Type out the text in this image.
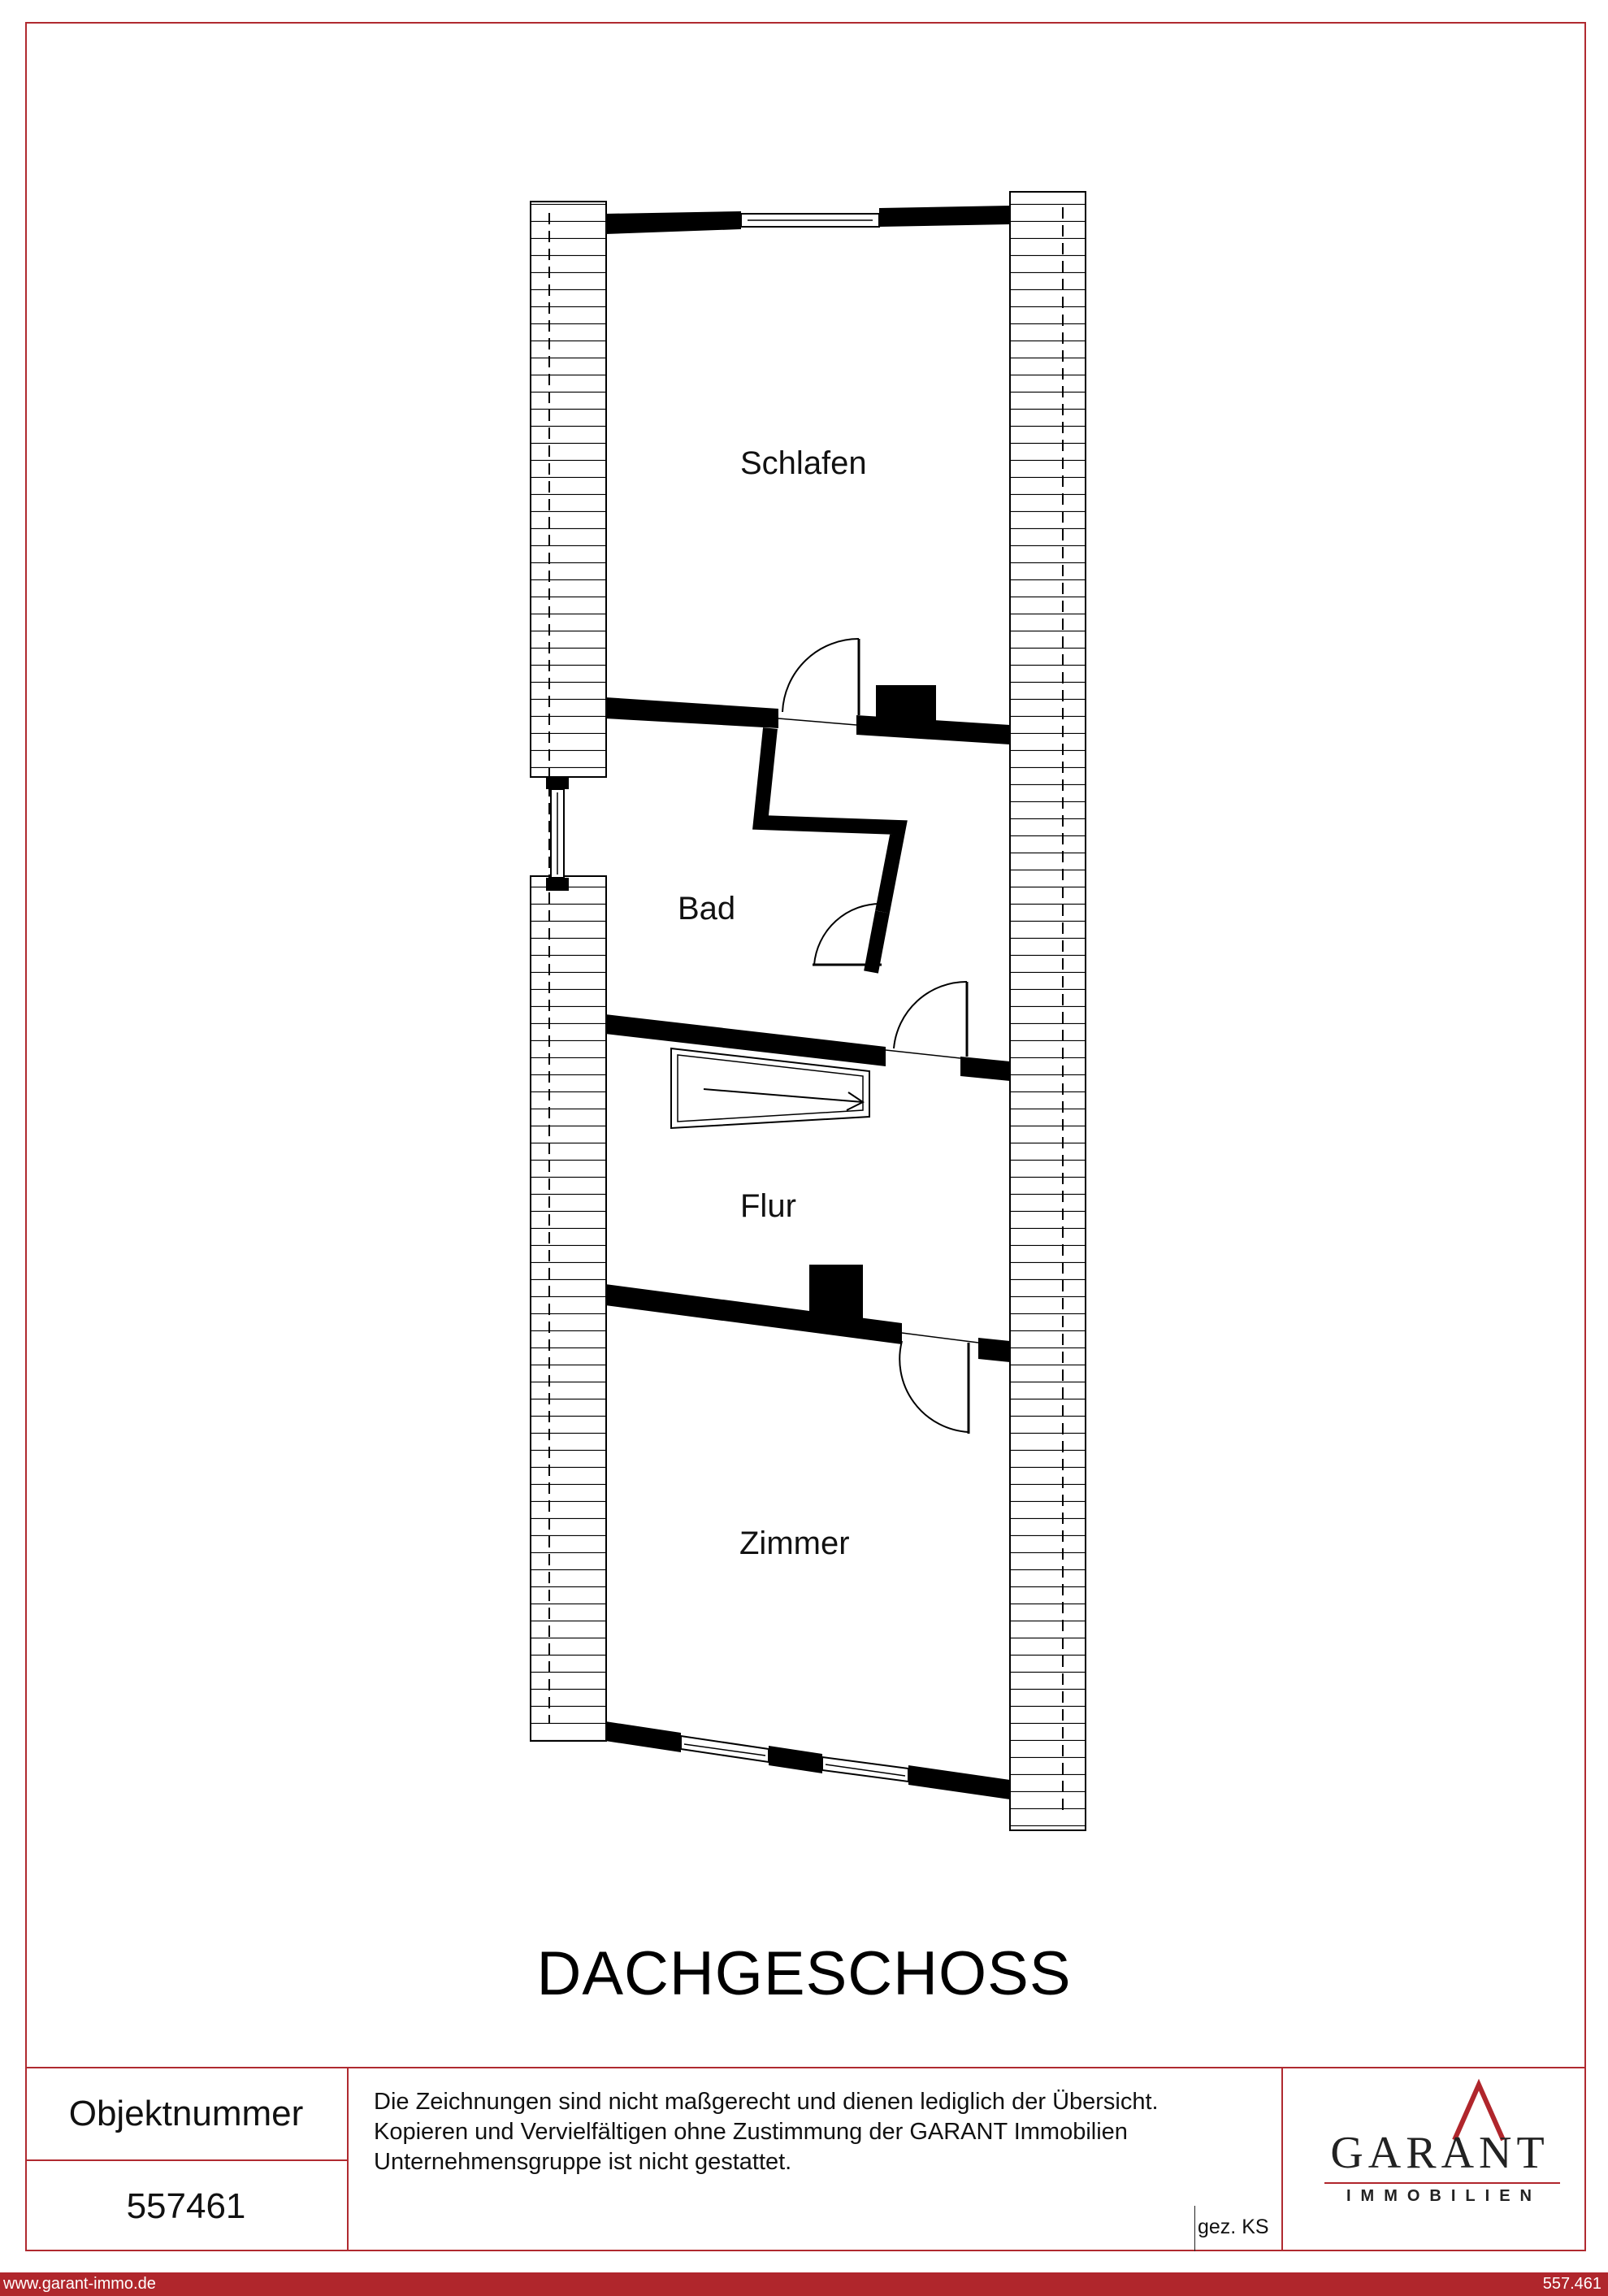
Schlafen
Bad
Flur
Zimmer
DACHGESCHOSS
Objektnummer
557461
Die Zeichnungen sind nicht maßgerecht und dienen lediglich der Übersicht.
Kopieren und Vervielfältigen ohne Zustimmung der GARANT Immobilien
Unternehmensgruppe ist nicht gestattet.
gez. KS
GARANT
IMMOBILIEN
www.garant-immo.de	557.461
